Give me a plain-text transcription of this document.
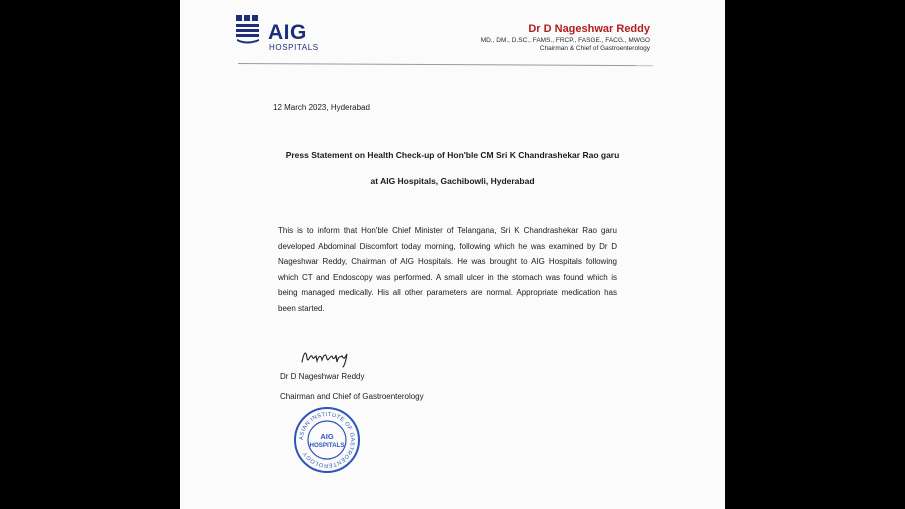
AIG
HOSPITALS
Dr D Nageshwar Reddy
MD., DM., D.SC., FAMS., FRCP., FASGE., FACG., MWGO
Chairman & Chief of Gastroenterology
12 March 2023, Hyderabad
Press Statement on Health Check-up of Hon'ble CM Sri K Chandrashekar Rao garu
at AIG Hospitals, Gachibowli, Hyderabad
This is to inform that Hon'ble Chief Minister of Telangana, Sri K Chandrashekar Rao garu
developed Abdominal Discomfort today morning, following which he was examined by Dr D
Nageshwar Reddy, Chairman of AIG Hospitals. He was brought to AIG Hospitals following
which CT and Endoscopy was performed. A small ulcer in the stomach was found which is
being managed medically. His all other parameters are normal. Appropriate medication has
been started.
Dr D Nageshwar Reddy
Chairman and Chief of Gastroenterology
ASIAN INSTITUTE OF GASTROENTEROLOGY
AIG
HOSPITALS
